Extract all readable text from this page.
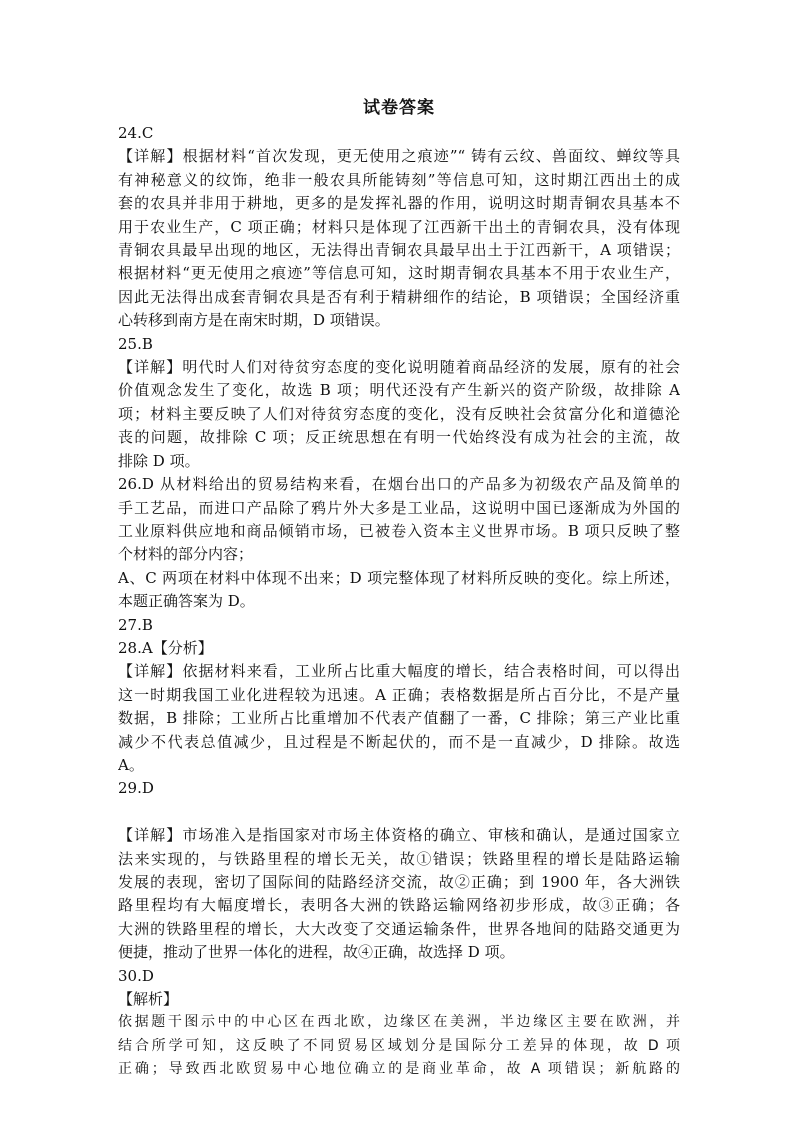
试卷答案
24.C
【详解】根据材料“首次发现，更无使用之痕迹”“ 铸有云纹、兽面纹、蝉纹等具
有神秘意义的纹饰，绝非一般农具所能铸刻”等信息可知，这时期江西出土的成
套的农具并非用于耕地，更多的是发挥礼器的作用，说明这时期青铜农具基本不
用于农业生产，C 项正确；材料只是体现了江西新干出土的青铜农具，没有体现
青铜农具最早出现的地区，无法得出青铜农具最早出土于江西新干，A 项错误；
根据材料“更无使用之痕迹”等信息可知，这时期青铜农具基本不用于农业生产，
因此无法得出成套青铜农具是否有利于精耕细作的结论，B 项错误；全国经济重
心转移到南方是在南宋时期，D 项错误。
25.B
【详解】明代时人们对待贫穷态度的变化说明随着商品经济的发展，原有的社会
价值观念发生了变化，故选 B 项；明代还没有产生新兴的资产阶级，故排除 A
项；材料主要反映了人们对待贫穷态度的变化，没有反映社会贫富分化和道德沦
丧的问题，故排除 C 项；反正统思想在有明一代始终没有成为社会的主流，故
排除 D 项。
26.D 从材料给出的贸易结构来看，在烟台出口的产品多为初级农产品及简单的
手工艺品，而进口产品除了鸦片外大多是工业品，这说明中国已逐渐成为外国的
工业原料供应地和商品倾销市场，已被卷入资本主义世界市场。B 项只反映了整
个材料的部分内容；
A、C 两项在材料中体现不出来；D 项完整体现了材料所反映的变化。综上所述，
本题正确答案为 D。
27.B
28.A【分析】
【详解】依据材料来看，工业所占比重大幅度的增长，结合表格时间，可以得出
这一时期我国工业化进程较为迅速。A 正确；表格数据是所占百分比，不是产量
数据，B 排除；工业所占比重增加不代表产值翻了一番，C 排除；第三产业比重
减少不代表总值减少，且过程是不断起伏的，而不是一直减少，D 排除。故选
A。
29.D
【详解】市场准入是指国家对市场主体资格的确立、审核和确认，是通过国家立
法来实现的，与铁路里程的增长无关，故①错误；铁路里程的增长是陆路运输
发展的表现，密切了国际间的陆路经济交流，故②正确；到 1900 年，各大洲铁
路里程均有大幅度增长，表明各大洲的铁路运输网络初步形成，故③正确；各
大洲的铁路里程的增长，大大改变了交通运输条件，世界各地间的陆路交通更为
便捷，推动了世界一体化的进程，故④正确，故选择 D 项。
30.D
【解析】
依据题干图示中的中心区在西北欧，边缘区在美洲，半边缘区主要在欧洲，并
结合所学可知，这反映了不同贸易区域划分是国际分工差异的体现，故 D 项
正确；导致西北欧贸易中心地位确立的是商业革命，故 A 项错误；新航路的
